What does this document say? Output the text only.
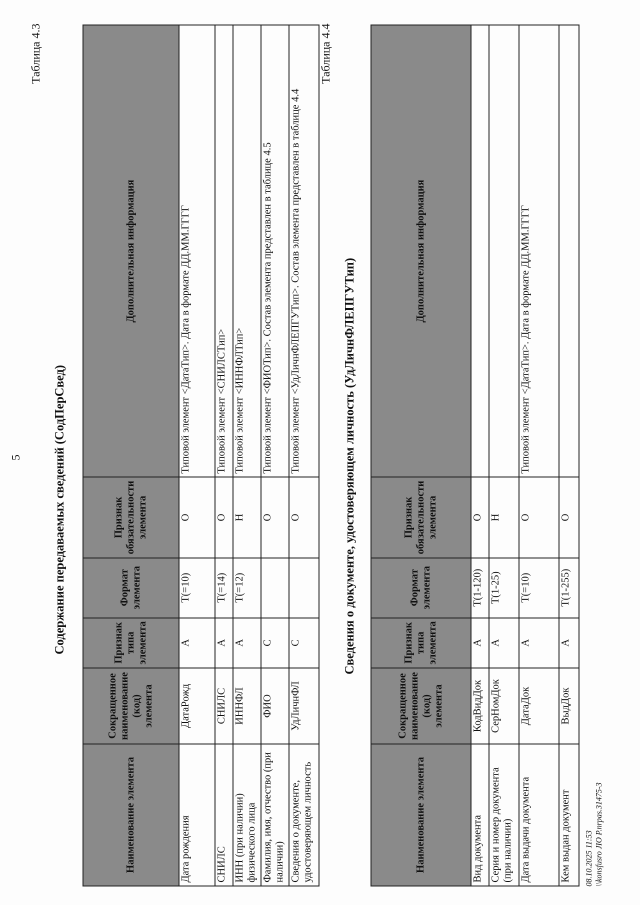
5
Таблица 4.3
Содержание передаваемых сведений (СодПерСвед)
Наименование элемента	Сокращенное наименование (код) элемента	Признак типа элемента	Формат элемента	Признак обязательности элемента	Дополнительная информация
Дата рождения	ДатаРожд	А	T(=10)	О	Типовой элемент <ДатаТип>. Дата в формате ДД.ММ.ГГГГ
СНИЛС	СНИЛС	А	T(=14)	О	Типовой элемент <СНИЛСТип>
ИНН (при наличии) физического лица	ИННФЛ	А	T(=12)	Н	Типовой элемент <ИННФЛТип>
Фамилия, имя, отчество (при наличии)	ФИО	С		О	Типовой элемент <ФИОТип>. Состав элемента представлен в таблице 4.5
Сведения о документе, удостоверяющем личность	УдЛичнФЛ	С		О	Типовой элемент <УдЛичнФЛЕПГУТип>. Состав элемента представлен в таблице 4.4
Таблица 4.4
Сведения о документе, удостоверяющем личность (УдЛичнФЛЕПГУТип)
Наименование элемента	Сокращенное наименование (код) элемента	Признак типа элемента	Формат элемента	Признак обязательности элемента	Дополнительная информация
Вид документа	КодВидДок	А	T(1-120)	О	
Серия и номер документа (при наличии)	СерНомДок	А	T(1-25)	Н	
Дата выдачи документа	ДатаДок	А	T(=10)	О	Типовой элемент <ДатаТип>. Дата в формате ДД.ММ.ГГГГ
Кем выдан документ	ВыдДок	А	T(1-255)	О	
08.10.2025 11:53 \\konsfusro JIO P.nrpas.31475-3
